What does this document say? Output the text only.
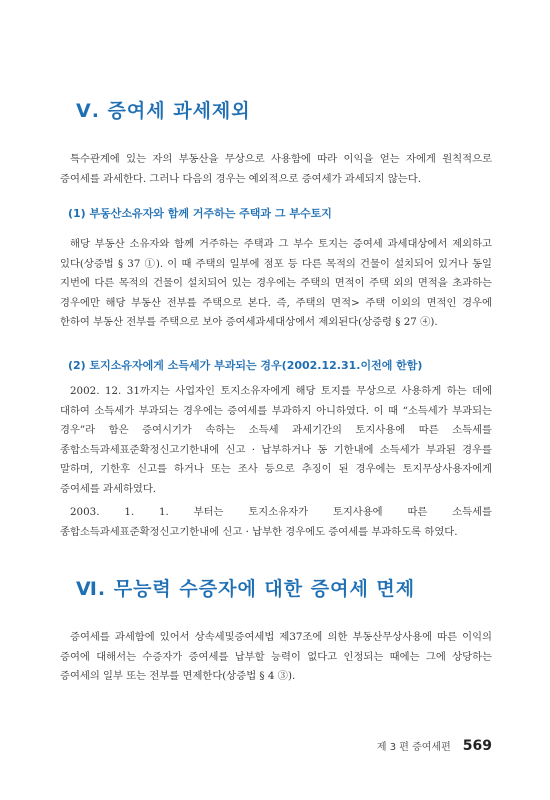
Ⅴ. 증여세 과세제외

특수관계에 있는 자의 부동산을 무상으로 사용함에 따라 이익을 얻는 자에게 원칙적으로 증여세를 과세한다. 그러나 다음의 경우는 예외적으로 증여세가 과세되지 않는다.

(1) 부동산소유자와 함께 거주하는 주택과 그 부수토지

해당 부동산 소유자와 함께 거주하는 주택과 그 부수 토지는 증여세 과세대상에서 제외하고 있다(상증법 § 37 ①). 이 때 주택의 일부에 점포 등 다른 목적의 건물이 설치되어 있거나 동일 지번에 다른 목적의 건물이 설치되어 있는 경우에는 주택의 면적이 주택 외의 면적을 초과하는 경우에만 해당 부동산 전부를 주택으로 본다. 즉, 주택의 면적> 주택 이외의 면적인 경우에 한하여 부동산 전부를 주택으로 보아 증여세과세대상에서 제외된다(상증령 § 27 ④).

(2) 토지소유자에게 소득세가 부과되는 경우(2002.12.31.이전에 한함)

2002. 12. 31까지는 사업자인 토지소유자에게 해당 토지를 무상으로 사용하게 하는 데에 대하여 소득세가 부과되는 경우에는 증여세를 부과하지 아니하였다. 이 때 “소득세가 부과되는 경우”라 함은 증여시기가 속하는 소득세 과세기간의 토지사용에 따른 소득세를 종합소득과세표준확정신고기한내에 신고 · 납부하거나 동 기한내에 소득세가 부과된 경우를 말하며, 기한후 신고를 하거나 또는 조사 등으로 추징이 된 경우에는 토지무상사용자에게 증여세를 과세하였다.

2003. 1. 1. 부터는 토지소유자가 토지사용에 따른 소득세를 종합소득과세표준확정신고기한내에 신고 · 납부한 경우에도 증여세를 부과하도록 하였다.

Ⅵ. 무능력 수증자에 대한 증여세 면제

증여세를 과세함에 있어서 상속세및증여세법 제37조에 의한 부동산무상사용에 따른 이익의 증여에 대해서는 수증자가 증여세를 납부할 능력이 없다고 인정되는 때에는 그에 상당하는 증여세의 일부 또는 전부를 면제한다(상증법 § 4 ③).

제 3 편 증여세편 569
